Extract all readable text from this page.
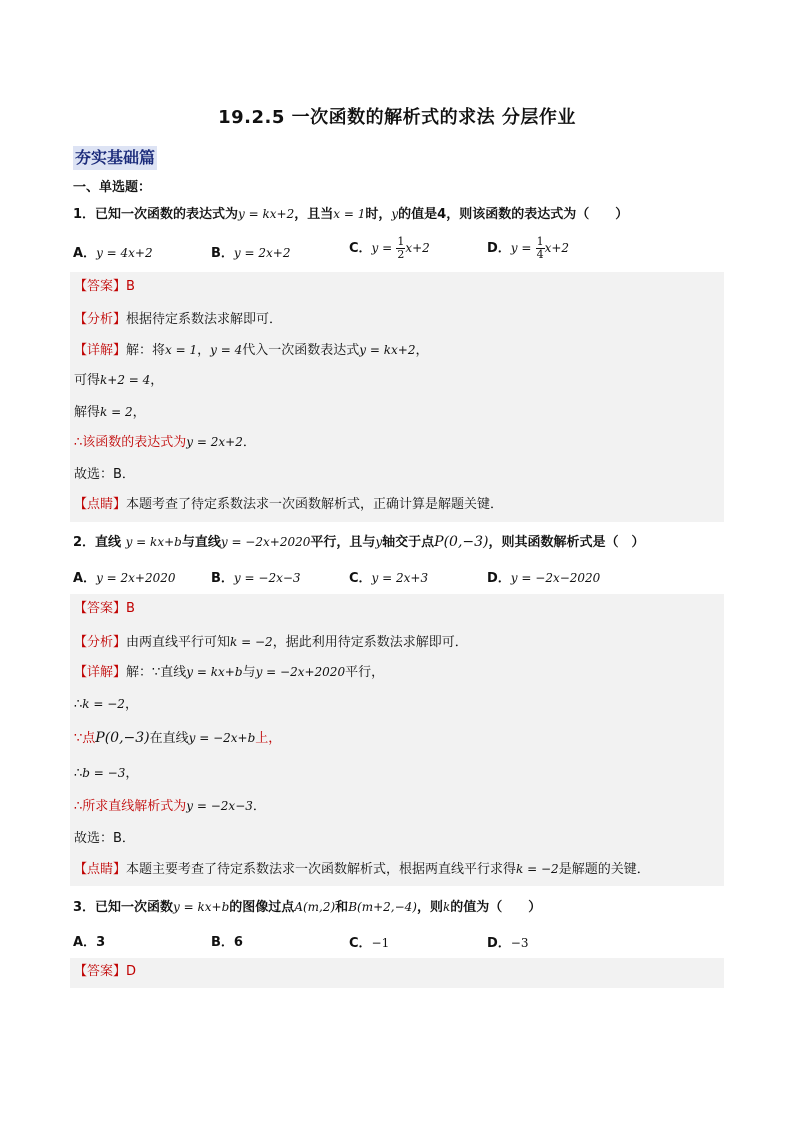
19.2.5 一次函数的解析式的求法 分层作业
夯实基础篇
一、单选题：
1．已知一次函数的表达式为y = kx+2，且当x = 1时，y的值是4，则该函数的表达式为（　　）
A．y = 4x+2	B．y = 2x+2	C．$y = \frac{1}{2} x+2$	D．$y = \frac{1}{4} x+2$
【答案】B
【分析】根据待定系数法求解即可．
【详解】解：将x = 1，y = 4代入一次函数表达式y = kx+2，
可得k+2 = 4，
解得k = 2，
∴该函数的表达式为y = 2x+2．
故选：B．
【点睛】本题考查了待定系数法求一次函数解析式，正确计算是解题关键．
2．直线 y = kx+b与直线y = −2x+2020平行，且与y轴交于点P(0,−3)，则其函数解析式是（　）
A．y = 2x+2020	B．y = −2x−3	C．y = 2x+3	D．y = −2x−2020
【答案】B
【分析】由两直线平行可知k = −2，据此利用待定系数法求解即可．
【详解】解：∵直线y = kx+b与y = −2x+2020平行，
∴k = −2，
∵点P(0,−3)在直线y = −2x+b上，
∴b = −3，
∴所求直线解析式为y = −2x−3．
故选：B．
【点睛】本题主要考查了待定系数法求一次函数解析式，根据两直线平行求得k = −2是解题的关键．
3．已知一次函数y = kx+b的图像过点A(m,2)和B(m+2,−4)，则k的值为（　　）
A．3	B．6	C．−1	D．−3
【答案】D
